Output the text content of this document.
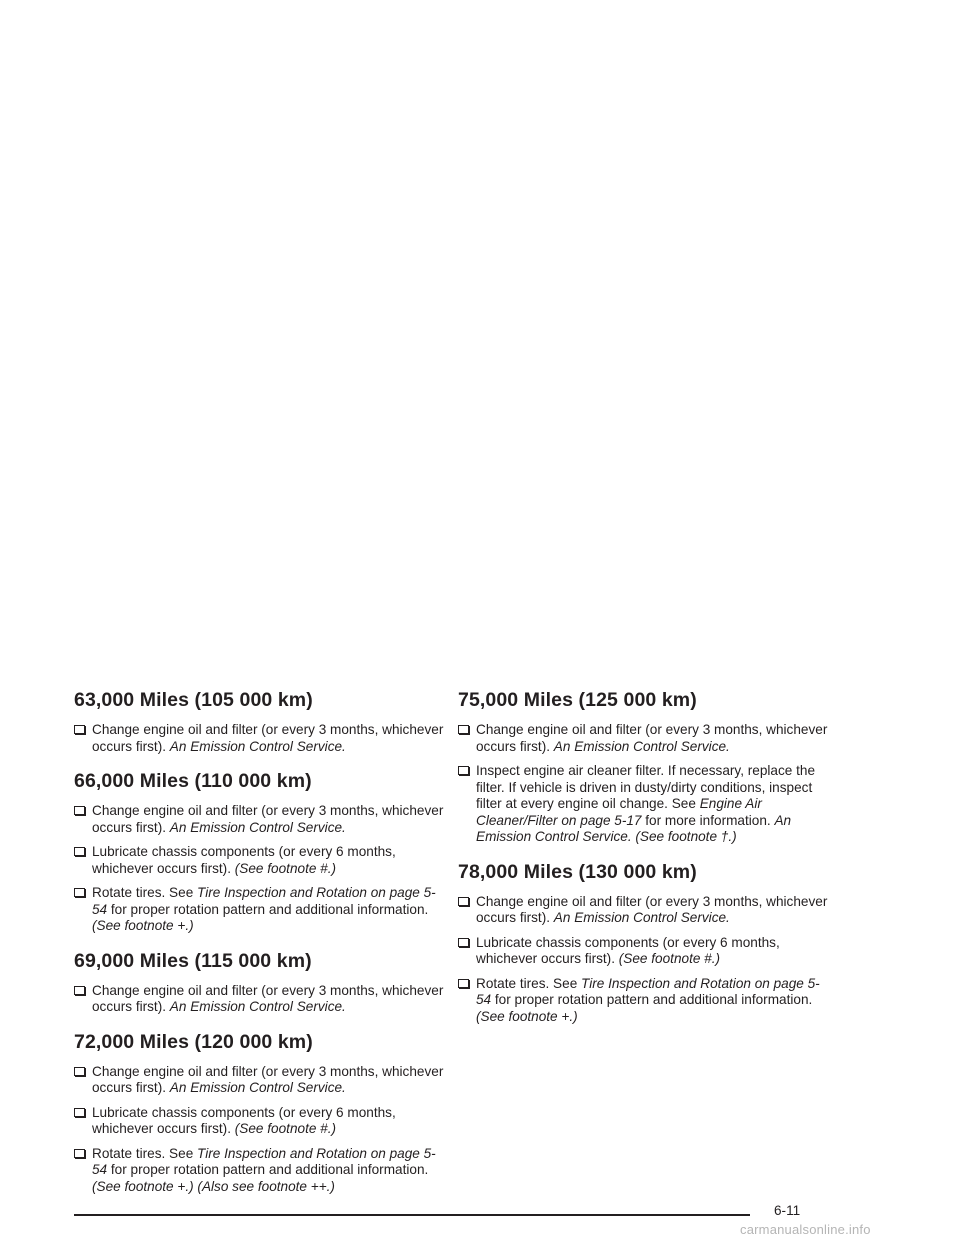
63,000 Miles (105 000 km)
Change engine oil and filter (or every 3 months, whichever occurs first). An Emission Control Service.
66,000 Miles (110 000 km)
Change engine oil and filter (or every 3 months, whichever occurs first). An Emission Control Service.
Lubricate chassis components (or every 6 months, whichever occurs first). (See footnote #.)
Rotate tires. See Tire Inspection and Rotation on page 5-54 for proper rotation pattern and additional information. (See footnote +.)
69,000 Miles (115 000 km)
Change engine oil and filter (or every 3 months, whichever occurs first). An Emission Control Service.
72,000 Miles (120 000 km)
Change engine oil and filter (or every 3 months, whichever occurs first). An Emission Control Service.
Lubricate chassis components (or every 6 months, whichever occurs first). (See footnote #.)
Rotate tires. See Tire Inspection and Rotation on page 5-54 for proper rotation pattern and additional information. (See footnote +.) (Also see footnote ++.)
75,000 Miles (125 000 km)
Change engine oil and filter (or every 3 months, whichever occurs first). An Emission Control Service.
Inspect engine air cleaner filter. If necessary, replace the filter. If vehicle is driven in dusty/dirty conditions, inspect filter at every engine oil change. See Engine Air Cleaner/Filter on page 5-17 for more information. An Emission Control Service. (See footnote †.)
78,000 Miles (130 000 km)
Change engine oil and filter (or every 3 months, whichever occurs first). An Emission Control Service.
Lubricate chassis components (or every 6 months, whichever occurs first). (See footnote #.)
Rotate tires. See Tire Inspection and Rotation on page 5-54 for proper rotation pattern and additional information. (See footnote +.)
6-11
carmanualsonline.info
